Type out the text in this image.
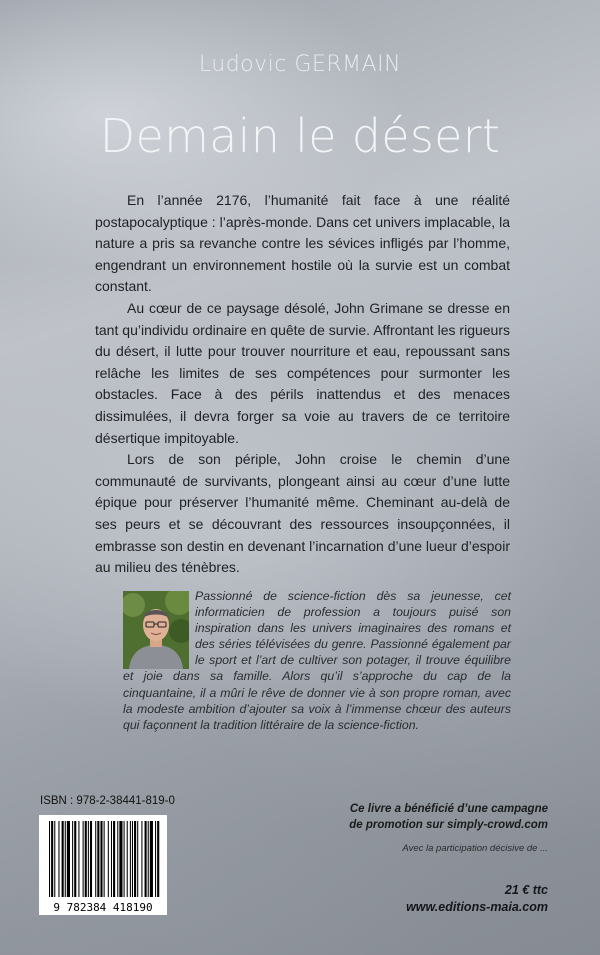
Ludovic GERMAIN
Demain le désert

En l’année 2176, l’humanité fait face à une réalité postapocalyptique : l’après-monde. Dans cet univers implacable, la nature a pris sa revanche contre les sévices infligés par l’homme, engendrant un environnement hostile où la survie est un combat constant.

Au cœur de ce paysage désolé, John Grimane se dresse en tant qu’individu ordinaire en quête de survie. Affrontant les rigueurs du désert, il lutte pour trouver nourriture et eau, repoussant sans relâche les limites de ses compétences pour surmonter les obstacles. Face à des périls inattendus et des menaces dissimulées, il devra forger sa voie au travers de ce territoire désertique impitoyable.

Lors de son périple, John croise le chemin d’une communauté de survivants, plongeant ainsi au cœur d’une lutte épique pour préserver l’humanité même. Cheminant au-delà de ses peurs et se découvrant des ressources insoupçonnées, il embrasse son destin en devenant l’incarnation d’une lueur d’espoir au milieu des ténèbres.

Passionné de science-fiction dès sa jeunesse, cet informaticien de profession a toujours puisé son inspiration dans les univers imaginaires des romans et des séries télévisées du genre. Passionné également par le sport et l’art de cultiver son potager, il trouve équilibre et joie dans sa famille. Alors qu’il s’approche du cap de la cinquantaine, il a mûri le rêve de donner vie à son propre roman, avec la modeste ambition d’ajouter sa voix à l’immense chœur des auteurs qui façonnent la tradition littéraire de la science-fiction.
ISBN : 978-2-38441-819-0
9 782384 418190
Ce livre a bénéficié d’une campagne
de promotion sur simply-crowd.com
Avec la participation décisive de ...
21 € ttc
www.editions-maia.com
